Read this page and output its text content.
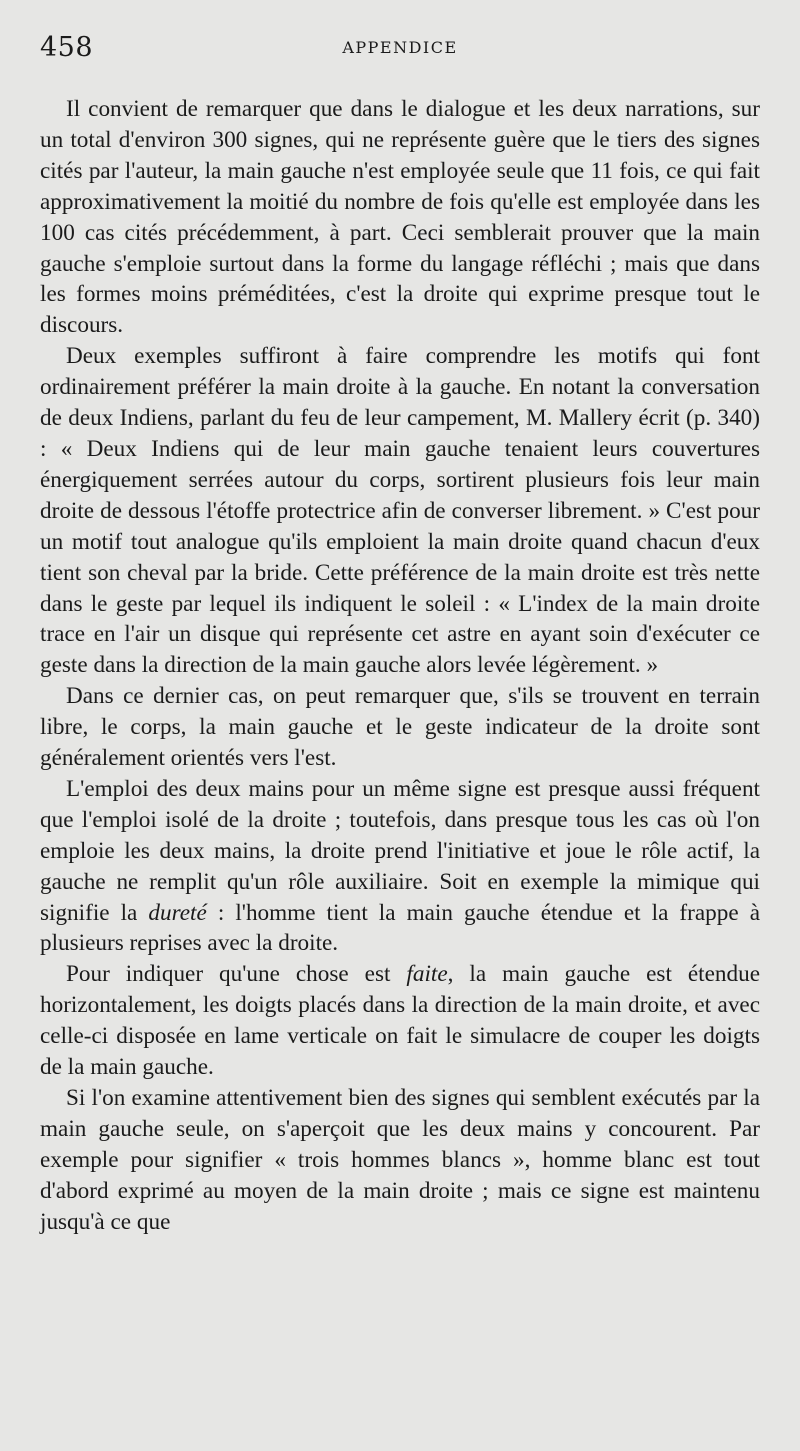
458	APPENDICE

Il convient de remarquer que dans le dialogue et les deux narrations, sur un total d'environ 300 signes, qui ne représente guère que le tiers des signes cités par l'auteur, la main gauche n'est employée seule que 11 fois, ce qui fait approximativement la moitié du nombre de fois qu'elle est employée dans les 100 cas cités précédemment, à part. Ceci semblerait prouver que la main gauche s'emploie surtout dans la forme du langage réfléchi ; mais que dans les formes moins préméditées, c'est la droite qui exprime presque tout le discours.

Deux exemples suffiront à faire comprendre les motifs qui font ordinairement préférer la main droite à la gauche. En notant la conversation de deux Indiens, parlant du feu de leur campement, M. Mallery écrit (p. 340) : « Deux Indiens qui de leur main gauche tenaient leurs couvertures énergiquement serrées autour du corps, sortirent plusieurs fois leur main droite de dessous l'étoffe protectrice afin de converser librement. » C'est pour un motif tout analogue qu'ils emploient la main droite quand chacun d'eux tient son cheval par la bride. Cette préférence de la main droite est très nette dans le geste par lequel ils indiquent le soleil : « L'index de la main droite trace en l'air un disque qui représente cet astre en ayant soin d'exécuter ce geste dans la direction de la main gauche alors levée légèrement. »

Dans ce dernier cas, on peut remarquer que, s'ils se trouvent en terrain libre, le corps, la main gauche et le geste indicateur de la droite sont généralement orientés vers l'est.

L'emploi des deux mains pour un même signe est presque aussi fréquent que l'emploi isolé de la droite ; toutefois, dans presque tous les cas où l'on emploie les deux mains, la droite prend l'initiative et joue le rôle actif, la gauche ne remplit qu'un rôle auxiliaire. Soit en exemple la mimique qui signifie la dureté : l'homme tient la main gauche étendue et la frappe à plusieurs reprises avec la droite.

Pour indiquer qu'une chose est faite, la main gauche est étendue horizontalement, les doigts placés dans la direction de la main droite, et avec celle-ci disposée en lame verticale on fait le simulacre de couper les doigts de la main gauche.

Si l'on examine attentivement bien des signes qui semblent exécutés par la main gauche seule, on s'aperçoit que les deux mains y concourent. Par exemple pour signifier « trois hommes blancs », homme blanc est tout d'abord exprimé au moyen de la main droite ; mais ce signe est maintenu jusqu'à ce que
